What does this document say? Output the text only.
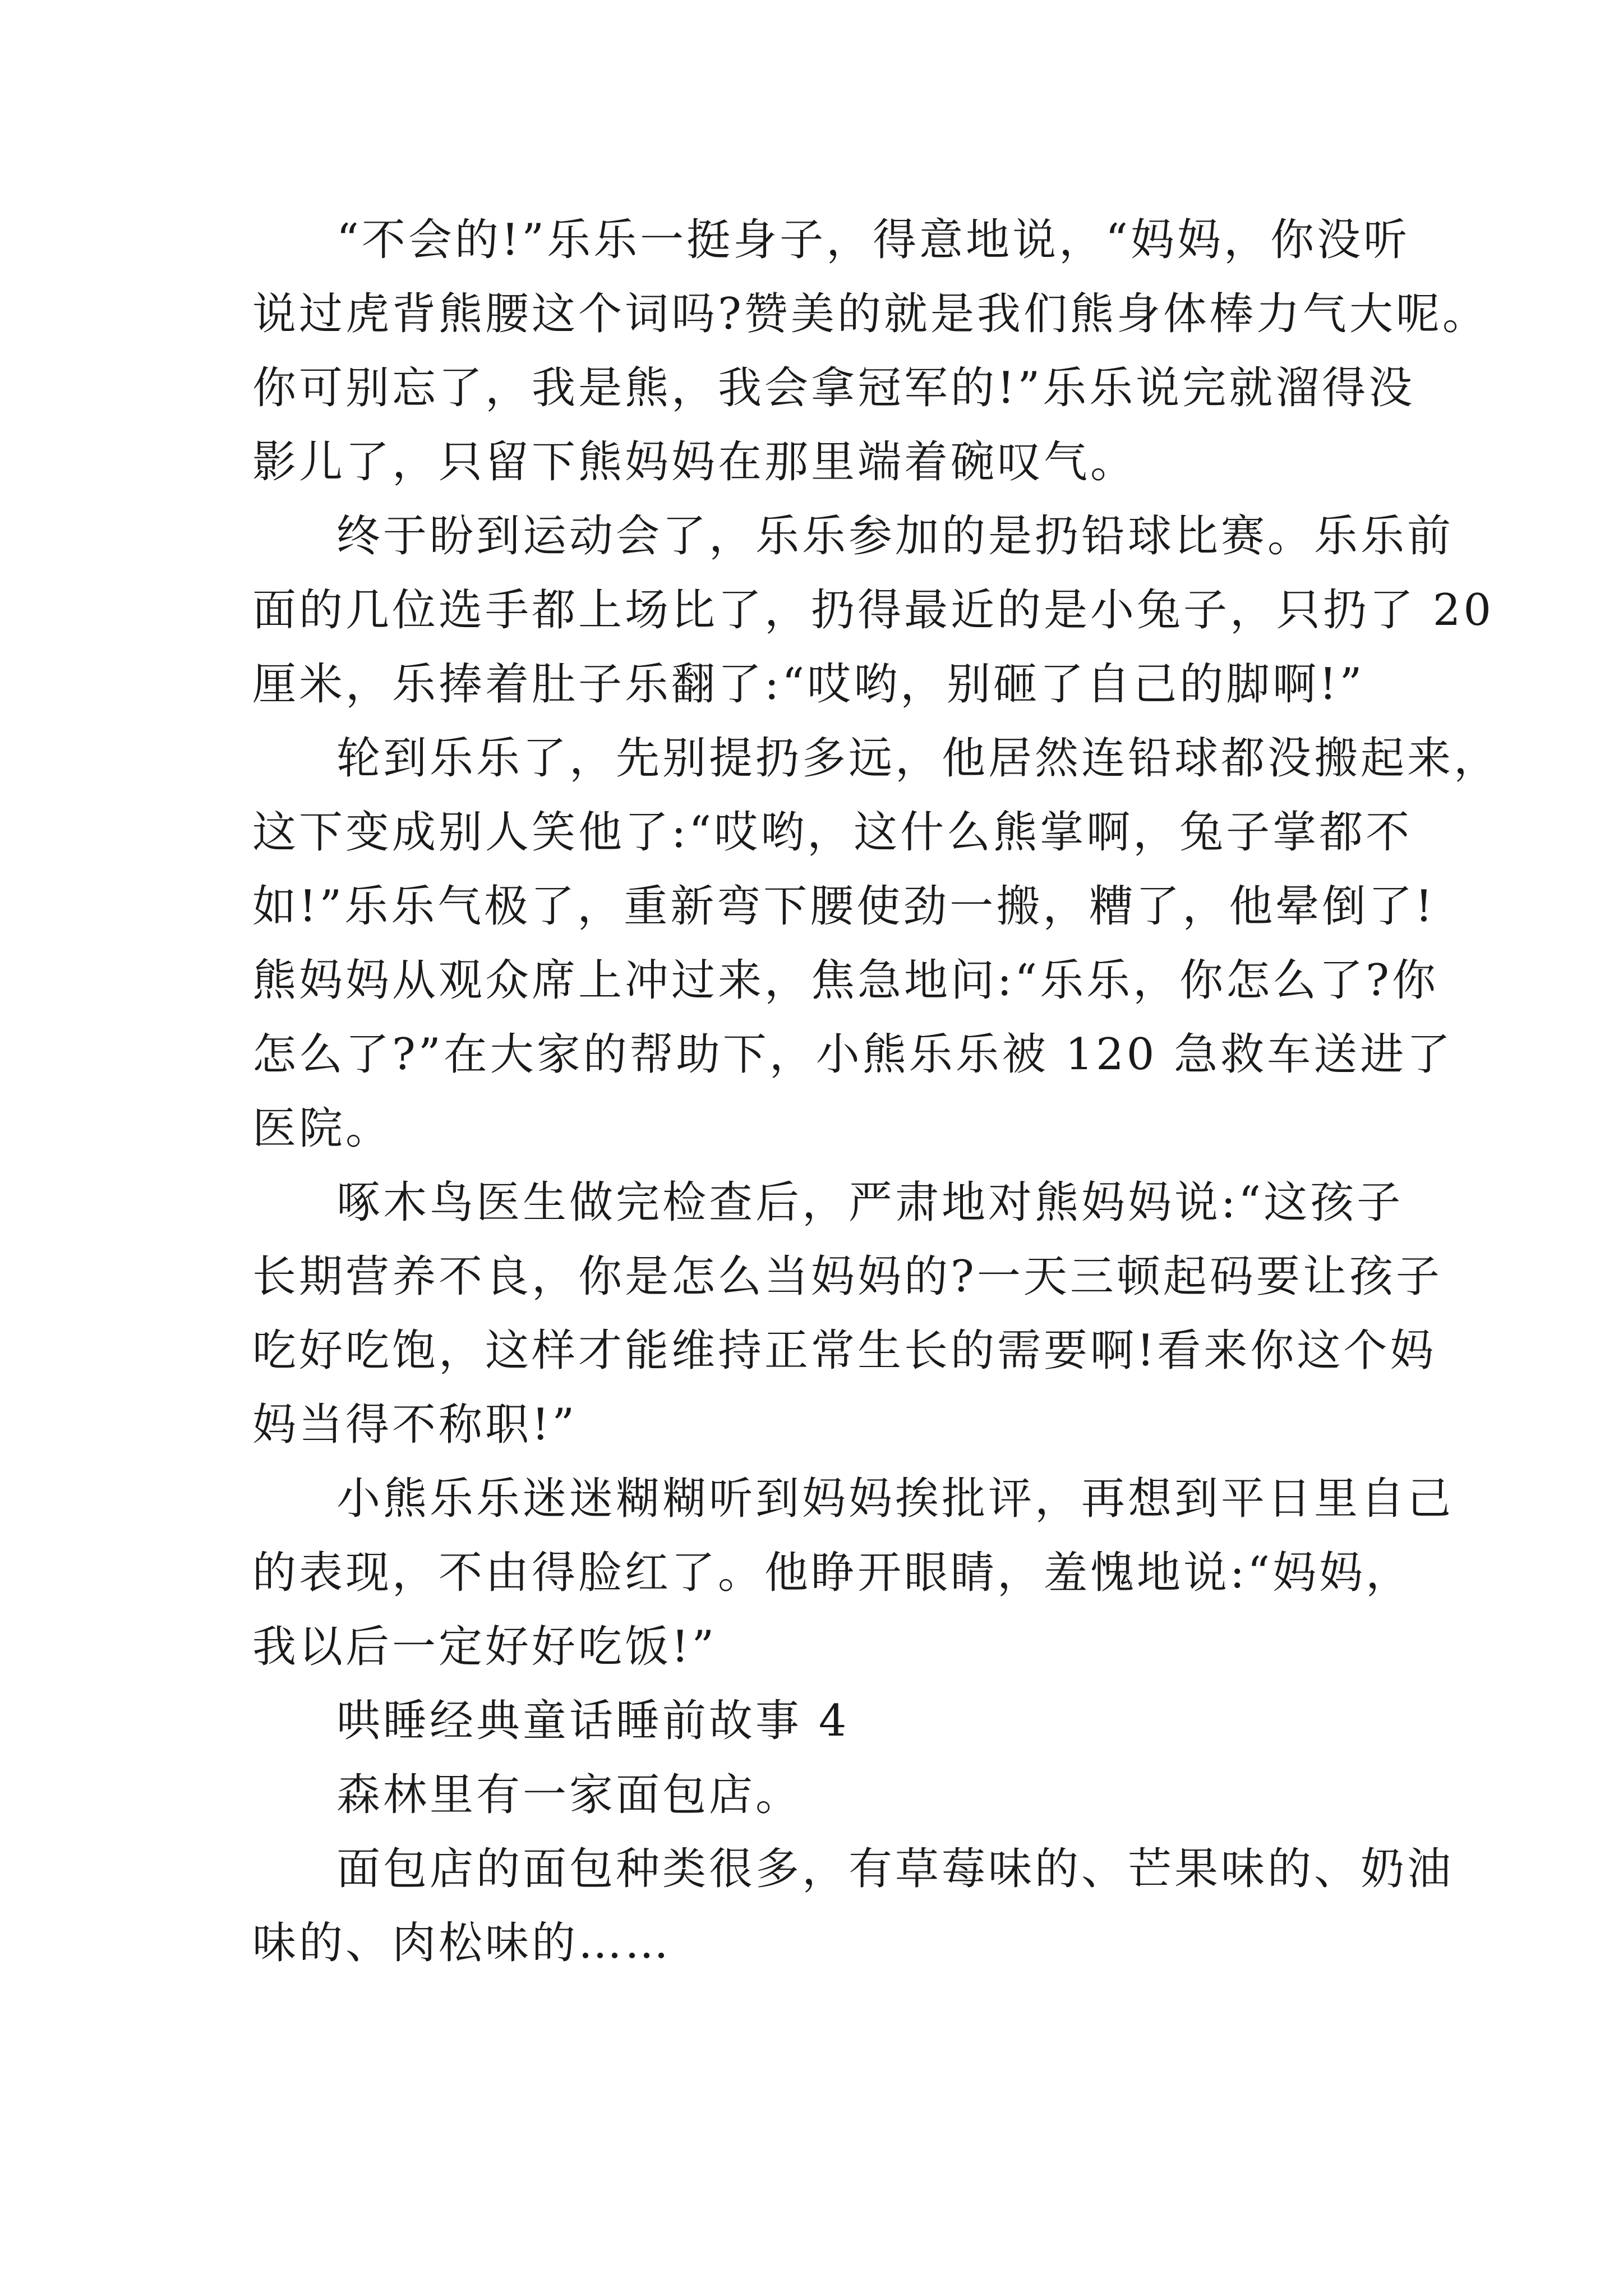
“不会的!”乐乐一挺身子，得意地说，“妈妈，你没听
说过虎背熊腰这个词吗?赞美的就是我们熊身体棒力气大呢。
你可别忘了，我是熊，我会拿冠军的!”乐乐说完就溜得没
影儿了，只留下熊妈妈在那里端着碗叹气。
终于盼到运动会了，乐乐参加的是扔铅球比赛。乐乐前
面的几位选手都上场比了，扔得最近的是小兔子，只扔了 20
厘米，乐捧着肚子乐翻了:“哎哟，别砸了自己的脚啊!”
轮到乐乐了，先别提扔多远，他居然连铅球都没搬起来，
这下变成别人笑他了:“哎哟，这什么熊掌啊，兔子掌都不
如!”乐乐气极了，重新弯下腰使劲一搬，糟了，他晕倒了!
熊妈妈从观众席上冲过来，焦急地问:“乐乐，你怎么了?你
怎么了?”在大家的帮助下，小熊乐乐被 120 急救车送进了
医院。
啄木鸟医生做完检查后，严肃地对熊妈妈说:“这孩子
长期营养不良，你是怎么当妈妈的?一天三顿起码要让孩子
吃好吃饱，这样才能维持正常生长的需要啊!看来你这个妈
妈当得不称职!”
小熊乐乐迷迷糊糊听到妈妈挨批评，再想到平日里自己
的表现，不由得脸红了。他睁开眼睛，羞愧地说:“妈妈，
我以后一定好好吃饭!”
哄睡经典童话睡前故事 4
森林里有一家面包店。
面包店的面包种类很多，有草莓味的、芒果味的、奶油
味的、肉松味的……
